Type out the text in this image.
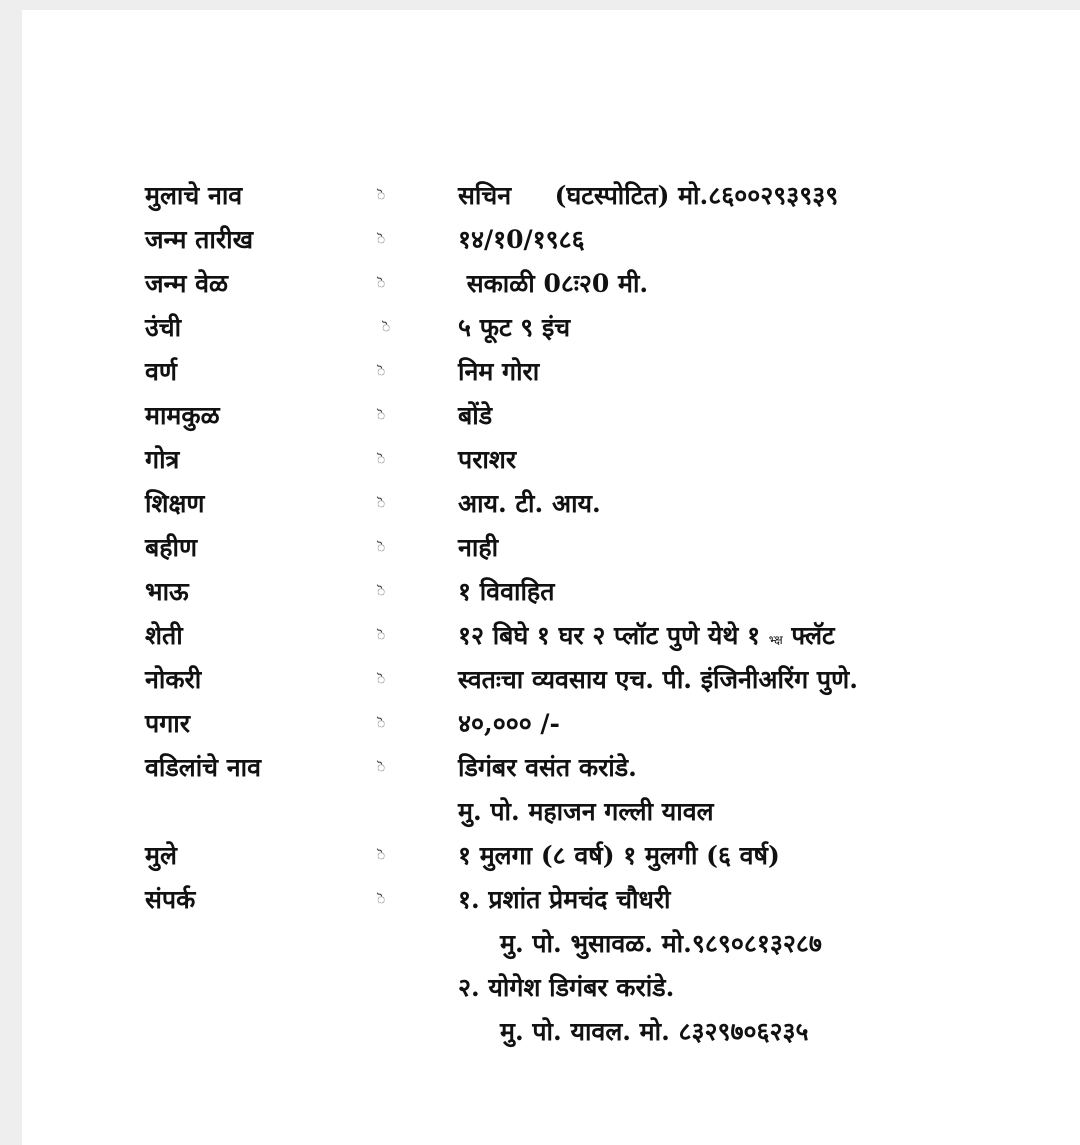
मुलाचे नाव	ॆ	सचिन     (घटस्पोटित) मो.८६००२९३९३९
जन्म तारीख	ॆ	१४/१0/१९८६
जन्म वेळ	ॆ	सकाळी 0८ः२0 मी.
उंची	ॆ	५ फूट ९ इंच
वर्ण	ॆ	निम गोरा
मामकुळ	ॆ	बोंडे
गोत्र	ॆ	पराशर
शिक्षण	ॆ	आय. टी. आय.
बहीण	ॆ	नाही
भाऊ	ॆ	१ विवाहित
शेती	ॆ	१२ बिघे १ घर २ प्लॉट पुणे येथे १ भ्क्ष फ्लॅट
नोकरी	ॆ	स्वतःचा व्यवसाय एच. पी. इंजिनीअरिंग पुणे.
पगार	ॆ	४०,००० /-
वडिलांचे नाव	ॆ	डिगंबर वसंत करांडे.
मु. पो. महाजन गल्ली यावल
मुले	ॆ	१ मुलगा (८ वर्ष) १ मुलगी (६ वर्ष)
संपर्क	ॆ	१. प्रशांत प्रेमचंद चौधरी
मु. पो. भुसावळ. मो.९८९०८१३२८७
२. योगेश डिगंबर करांडे.
मु. पो. यावल. मो. ८३२९७०६२३५
